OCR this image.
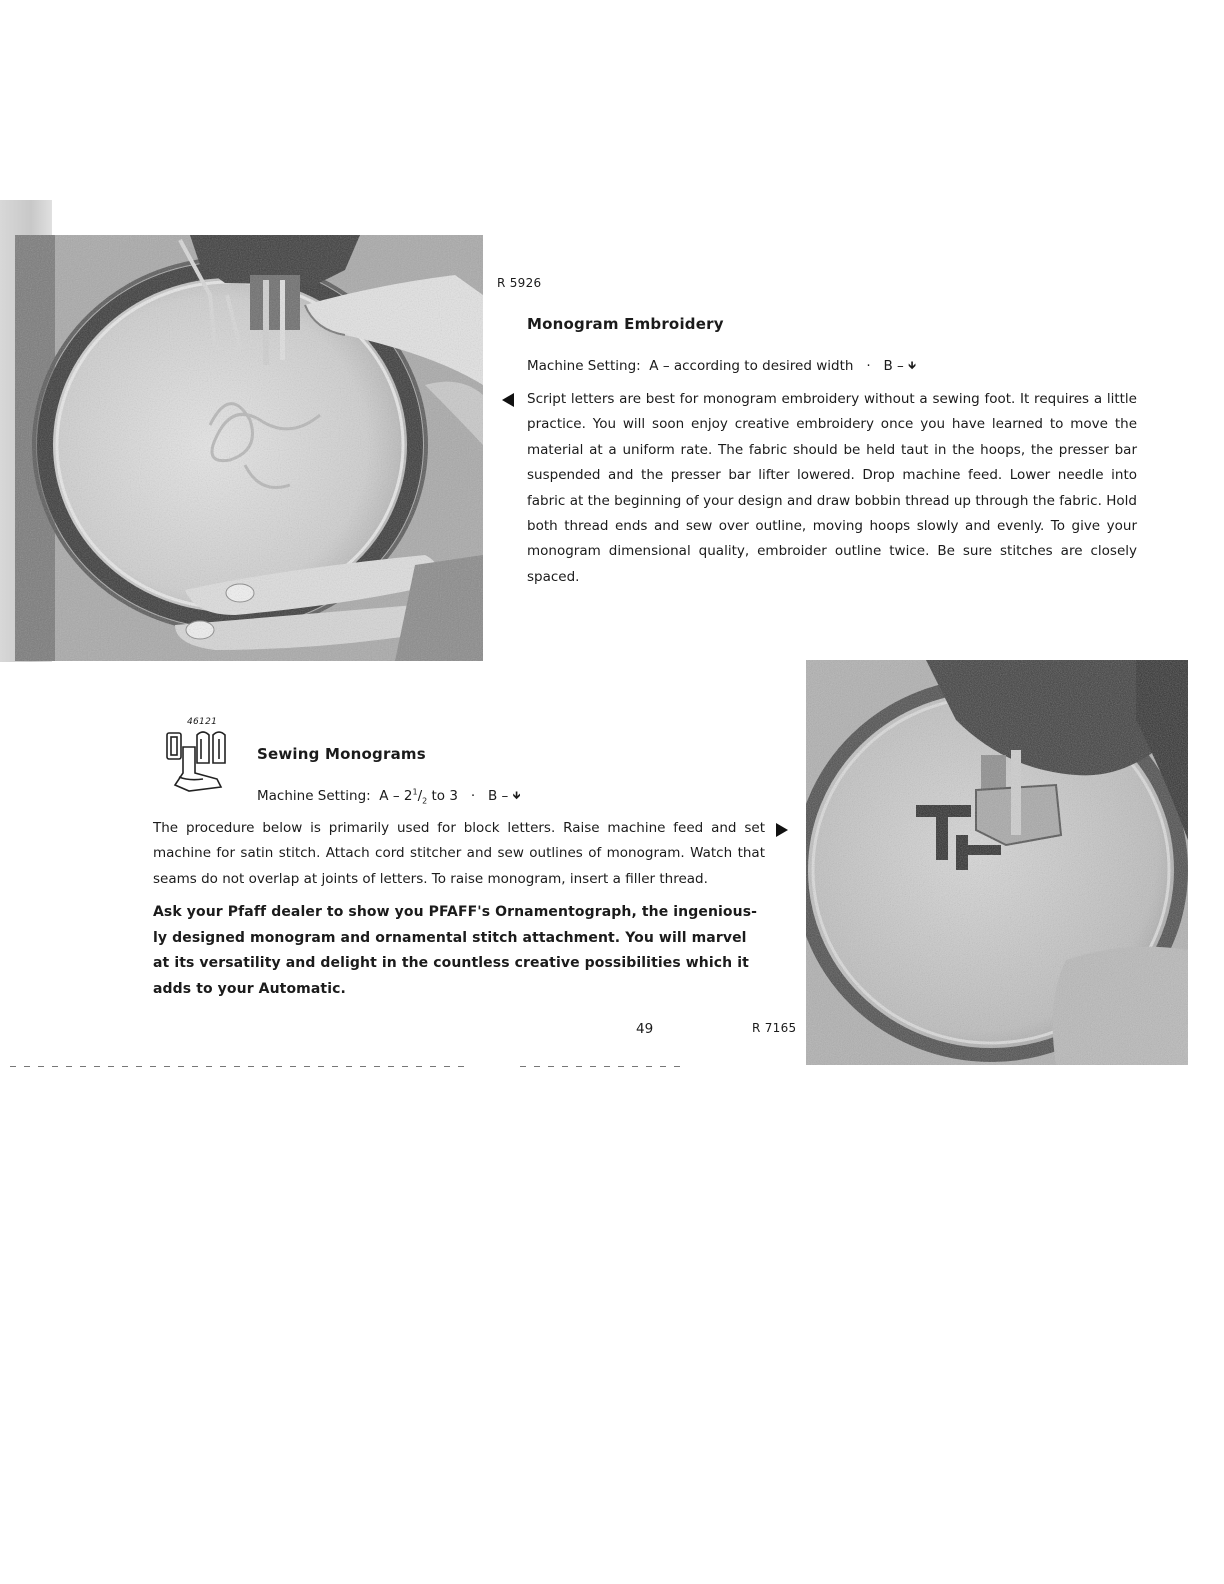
R 5926
Monogram Embroidery
Machine Setting: A – according to desired width · B – 🡻

Script letters are best for monogram embroidery without a sewing foot. It requires a little practice. You will soon enjoy creative embroidery once you have learned to move the material at a uniform rate. The fabric should be held taut in the hoops, the presser bar suspended and the presser bar lifter lowered. Drop machine feed. Lower needle into fabric at the beginning of your design and draw bobbin thread up through the fabric. Hold both thread ends and sew over outline, moving hoops slowly and evenly. To give your monogram dimensional quality, embroider outline twice. Be sure stitches are closely spaced.

46121
Sewing Monograms
Machine Setting: A – $2^1/_2$ to 3 · B – 🡻

The procedure below is primarily used for block letters. Raise machine feed and set machine for satin stitch. Attach cord stitcher and sew outlines of monogram. Watch that seams do not overlap at joints of letters. To raise monogram, insert a filler thread.

Ask your Pfaff dealer to show you PFAFF's Ornamentograph, the ingenious-ly designed monogram and ornamental stitch attachment. You will marvel at its versatility and delight in the countless creative possibilities which it adds to your Automatic.

49	R 7165
